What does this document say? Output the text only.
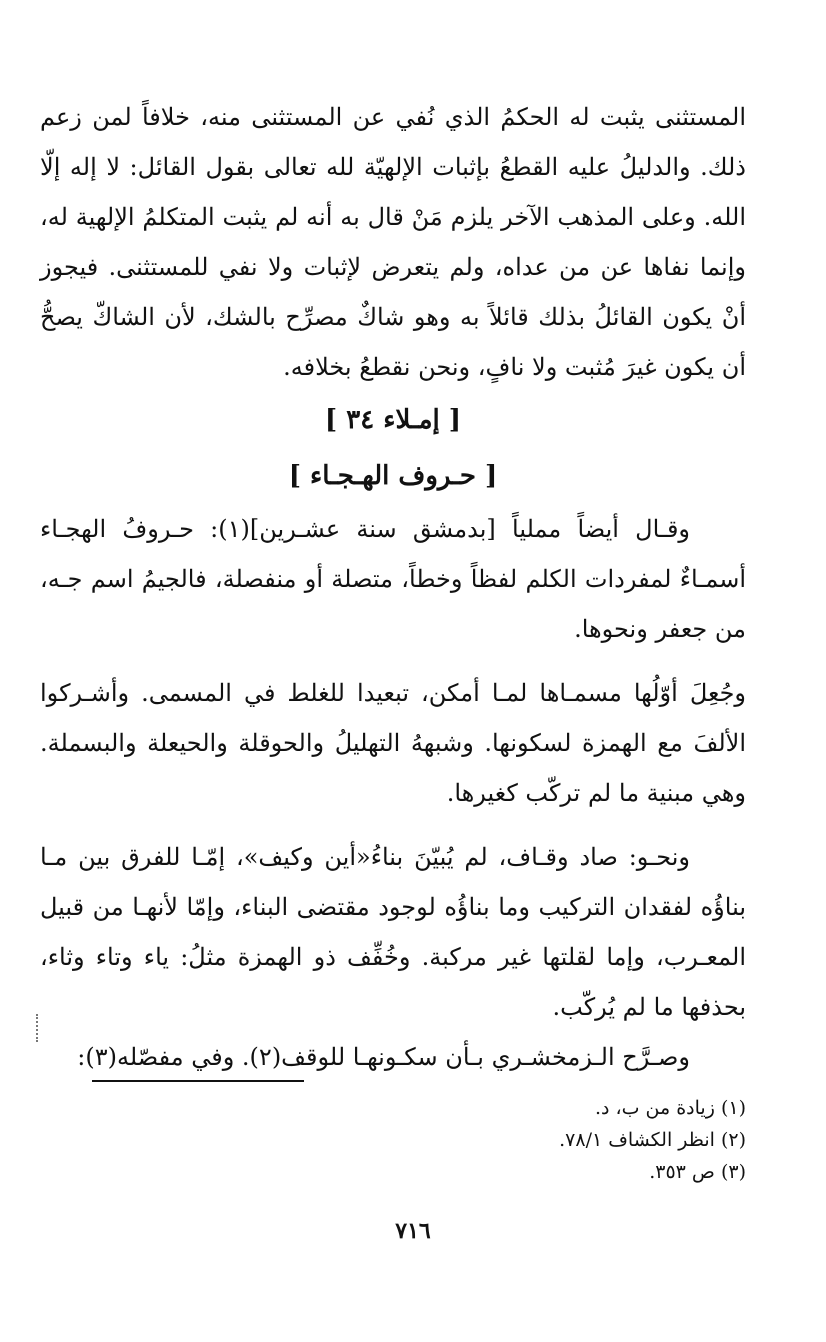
المستثنى يثبت له الحكمُ الذي نُفي عن المستثنى منه، خلافاً لمن زعم ذلك. والدليلُ عليه القطعُ بإثبات الإلهيّة لله تعالى بقول القائل: لا إله إلّا الله. وعلى المذهب الآخر يلزم مَنْ قال به أنه لم يثبت المتكلمُ الإلهية له، وإنما نفاها عن من عداه، ولم يتعرض لإثبات ولا نفي للمستثنى. فيجوز أنْ يكون القائلُ بذلك قائلاً به وهو شاكٌ مصرِّح بالشك، لأن الشاكّ يصحُّ أن يكون غيرَ مُثبت ولا نافٍ، ونحن نقطعُ بخلافه.

[ إمـلاء ٣٤ ]

[ حـروف الهـجـاء ]

وقـال أيضاً مملياً [بدمشق سنة عشـرين](١): حـروفُ الهجـاء أسمـاءٌ لمفردات الكلم لفظاً وخطاً، متصلة أو منفصلة، فالجيمُ اسم جـه، من جعفر ونحوها.

وجُعِلَ أوّلُها مسمـاها لمـا أمكن، تبعيدا للغلط في المسمى. وأشـركوا الألفَ مع الهمزة لسكونها. وشبههُ التهليلُ والحوقلة والحيعلة والبسملة. وهي مبنية ما لم تركّب كغيرها.

ونحـو: صاد وقـاف، لم يُبيّنَ بناءُ«أين وكيف»، إمّـا للفرق بين مـا بناؤُه لفقدان التركيب وما بناؤُه لوجود مقتضى البناء، وإمّا لأنهـا من قبيل المعـرب، وإما لقلتها غير مركبة. وخُفِّف ذو الهمزة مثلُ: ياء وتاء وثاء، بحذفها ما لم يُركّب.

وصـرَّح الـزمخشـري بـأن سكـونهـا للوقف(٢). وفي مفصّله(٣):

(١) زيادة من ب، د.

(٢) انظر الكشاف ٧٨/١.

(٣) ص ٣٥٣.

٧١٦
